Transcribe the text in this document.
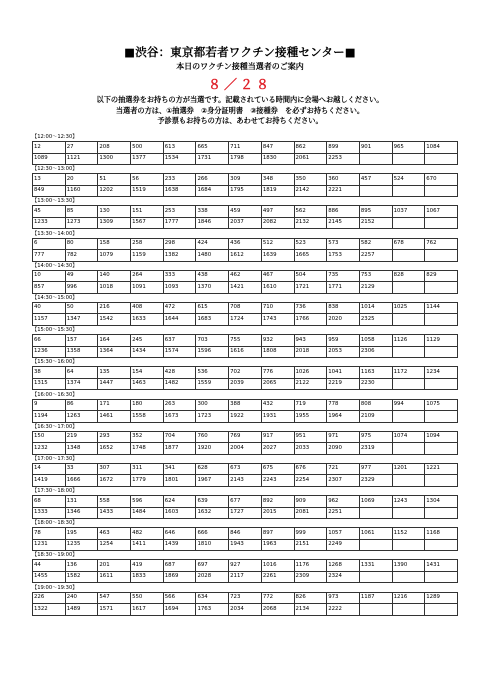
■渋谷：東京都若者ワクチン接種センター■
本日のワクチン接種当選者のご案内
８／２８
以下の抽選券をお持ちの方が当選です。記載されている時間内に会場へお越しください。
当選者の方は、①抽選券　②身分証明書　③接種券　を必ずお持ちください。
予診票もお持ちの方は、あわせてお持ちください。
【12:00～12:30】
12	27	208	500	613	665	711	847	862	899	901	965	1084
1089	1121	1300	1377	1534	1731	1798	1830	2061	2253			
【12:30～13:00】
13	20	51	56	233	266	309	348	350	360	457	524	670
849	1160	1202	1519	1638	1684	1795	1819	2142	2221			
【13:00～13:30】
45	85	130	151	253	338	459	497	562	886	895	1037	1067
1233	1273	1309	1567	1777	1846	2037	2082	2132	2145	2152		
【13:30～14:00】
6	80	158	258	298	424	436	512	523	573	582	678	762
777	782	1079	1159	1382	1480	1612	1639	1665	1753	2257		
【14:00～14:30】
10	49	140	264	333	438	462	467	504	735	753	828	829
857	996	1018	1091	1093	1370	1421	1610	1721	1771	2129		
【14:30～15:00】
40	50	216	408	472	615	708	710	736	838	1014	1025	1144
1157	1347	1542	1633	1644	1683	1724	1743	1766	2020	2325		
【15:00～15:30】
66	157	164	245	637	703	755	932	943	959	1058	1126	1129
1236	1358	1364	1434	1574	1596	1616	1808	2018	2053	2306		
【15:30～16:00】
38	64	135	154	428	536	702	776	1026	1041	1163	1172	1234
1315	1374	1447	1463	1482	1559	2039	2065	2122	2219	2230		
【16:00～16:30】
9	86	171	180	263	300	388	432	719	778	808	994	1075
1194	1263	1461	1558	1673	1723	1922	1931	1955	1964	2109		
【16:30～17:00】
150	219	293	352	704	760	769	917	951	971	975	1074	1094
1232	1348	1652	1748	1877	1920	2004	2027	2033	2090	2319		
【17:00～17:30】
14	33	307	311	341	628	673	675	676	721	977	1201	1221
1419	1666	1672	1779	1801	1967	2143	2243	2254	2307	2329		
【17:30～18:00】
68	131	558	596	624	639	677	892	909	962	1069	1243	1304
1333	1346	1433	1484	1603	1632	1727	2015	2081	2251			
【18:00～18:30】
78	195	463	482	646	666	846	897	999	1057	1061	1152	1168
1231	1235	1254	1411	1439	1810	1943	1963	2151	2249			
【18:30～19:00】
44	136	201	419	687	697	927	1016	1176	1268	1331	1390	1431
1455	1582	1611	1833	1869	2028	2117	2261	2309	2324			
【19:00～19:30】
226	240	547	550	566	634	723	772	826	973	1187	1216	1289
1322	1489	1571	1617	1694	1763	2034	2068	2134	2222			
